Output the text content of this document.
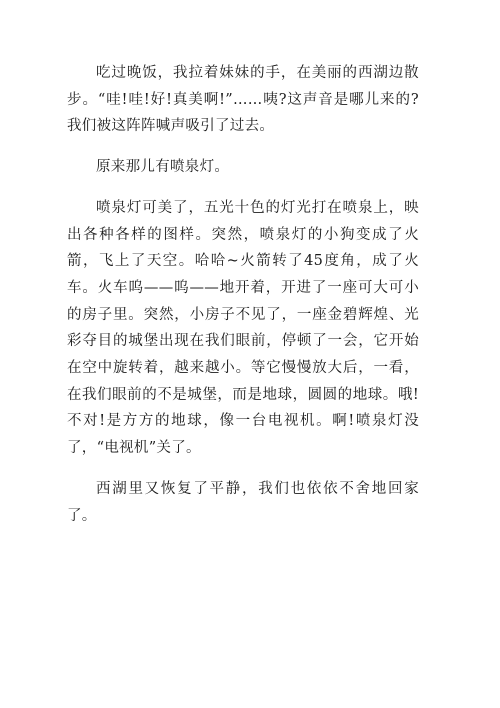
吃过晚饭，我拉着妹妹的手，在美丽的西湖边散步。“哇!哇!好!真美啊!”……咦?这声音是哪儿来的?我们被这阵阵喊声吸引了过去。

原来那儿有喷泉灯。

喷泉灯可美了，五光十色的灯光打在喷泉上，映出各种各样的图样。突然，喷泉灯的小狗变成了火箭，飞上了天空。哈哈~火箭转了45度角，成了火车。火车呜——呜——地开着，开进了一座可大可小的房子里。突然，小房子不见了，一座金碧辉煌、光彩夺目的城堡出现在我们眼前，停顿了一会，它开始在空中旋转着，越来越小。等它慢慢放大后，一看，在我们眼前的不是城堡，而是地球，圆圆的地球。哦!不对!是方方的地球，像一台电视机。啊!喷泉灯没了，“电视机”关了。

西湖里又恢复了平静，我们也依依不舍地回家了。
